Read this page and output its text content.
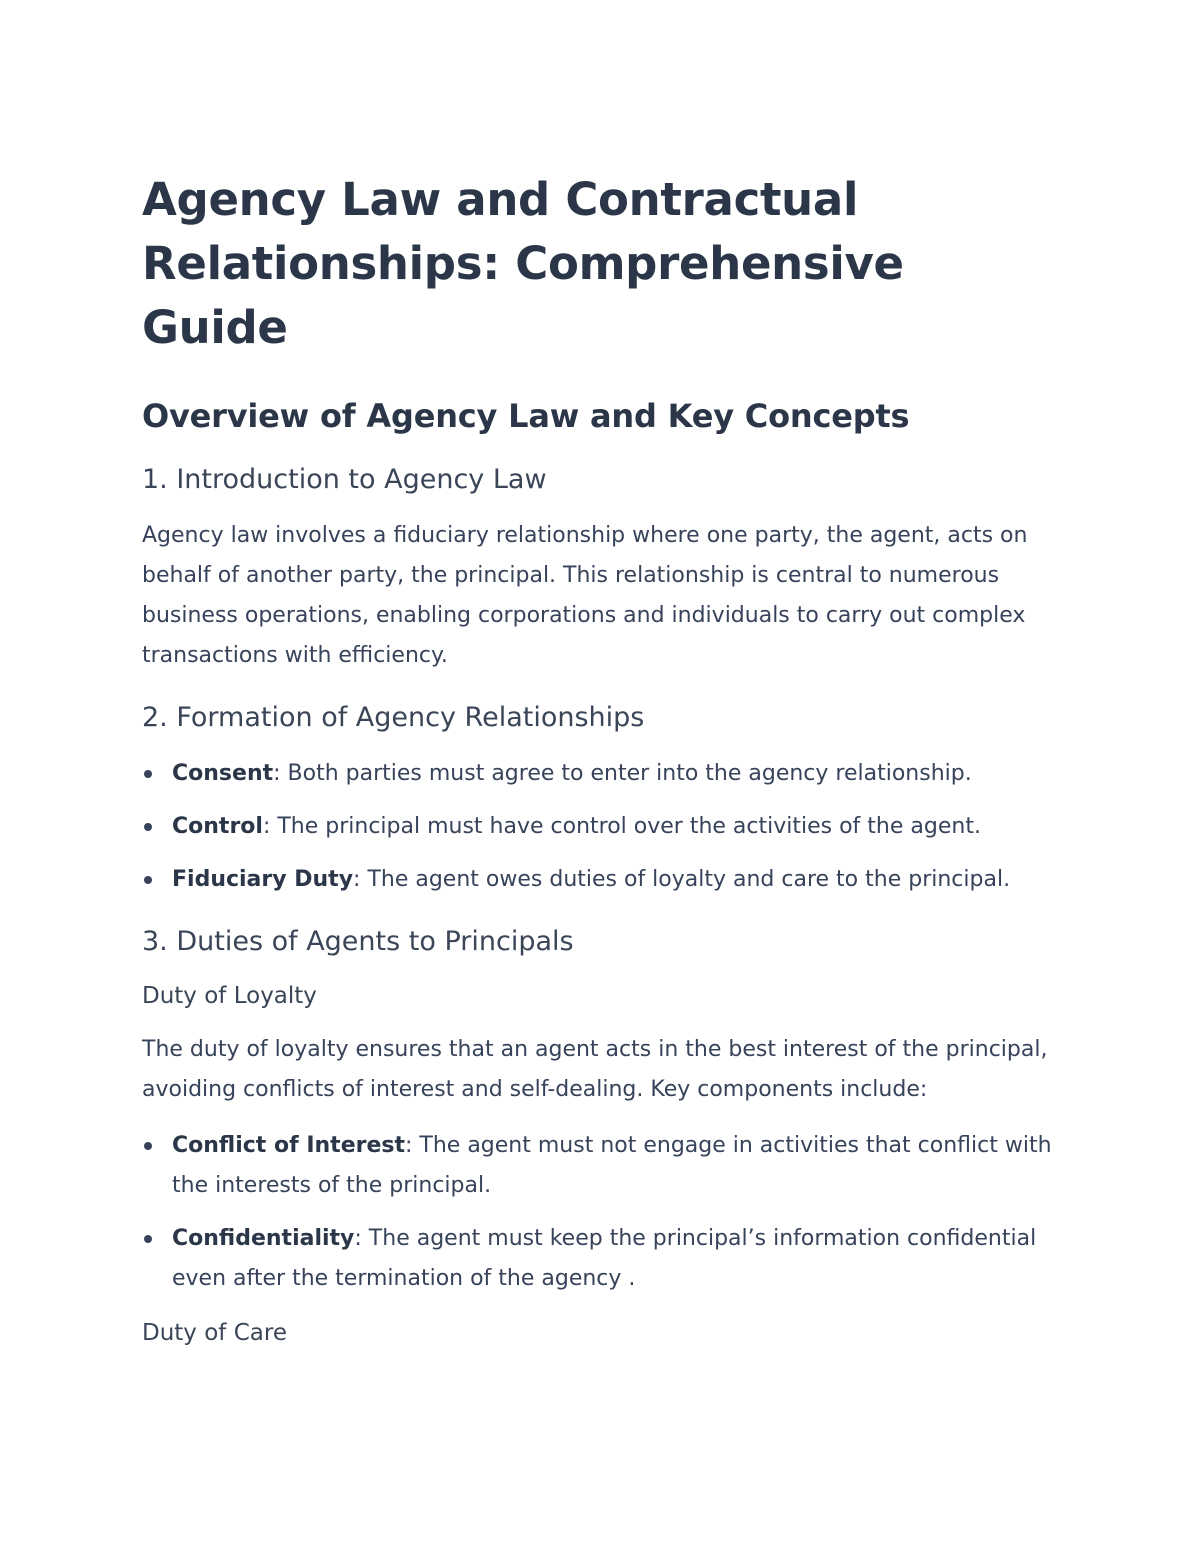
Agency Law and Contractual Relationships: Comprehensive Guide
Overview of Agency Law and Key Concepts
1. Introduction to Agency Law

Agency law involves a fiduciary relationship where one party, the agent, acts on behalf of another party, the principal. This relationship is central to numerous business operations, enabling corporations and individuals to carry out complex transactions with efficiency.

2. Formation of Agency Relationships
Consent: Both parties must agree to enter into the agency relationship.
Control: The principal must have control over the activities of the agent.
Fiduciary Duty: The agent owes duties of loyalty and care to the principal.
3. Duties of Agents to Principals
Duty of Loyalty

The duty of loyalty ensures that an agent acts in the best interest of the principal, avoiding conflicts of interest and self-dealing. Key components include:

Conflict of Interest: The agent must not engage in activities that conflict with the interests of the principal.
Confidentiality: The agent must keep the principal’s information confidential even after the termination of the agency .
Duty of Care
